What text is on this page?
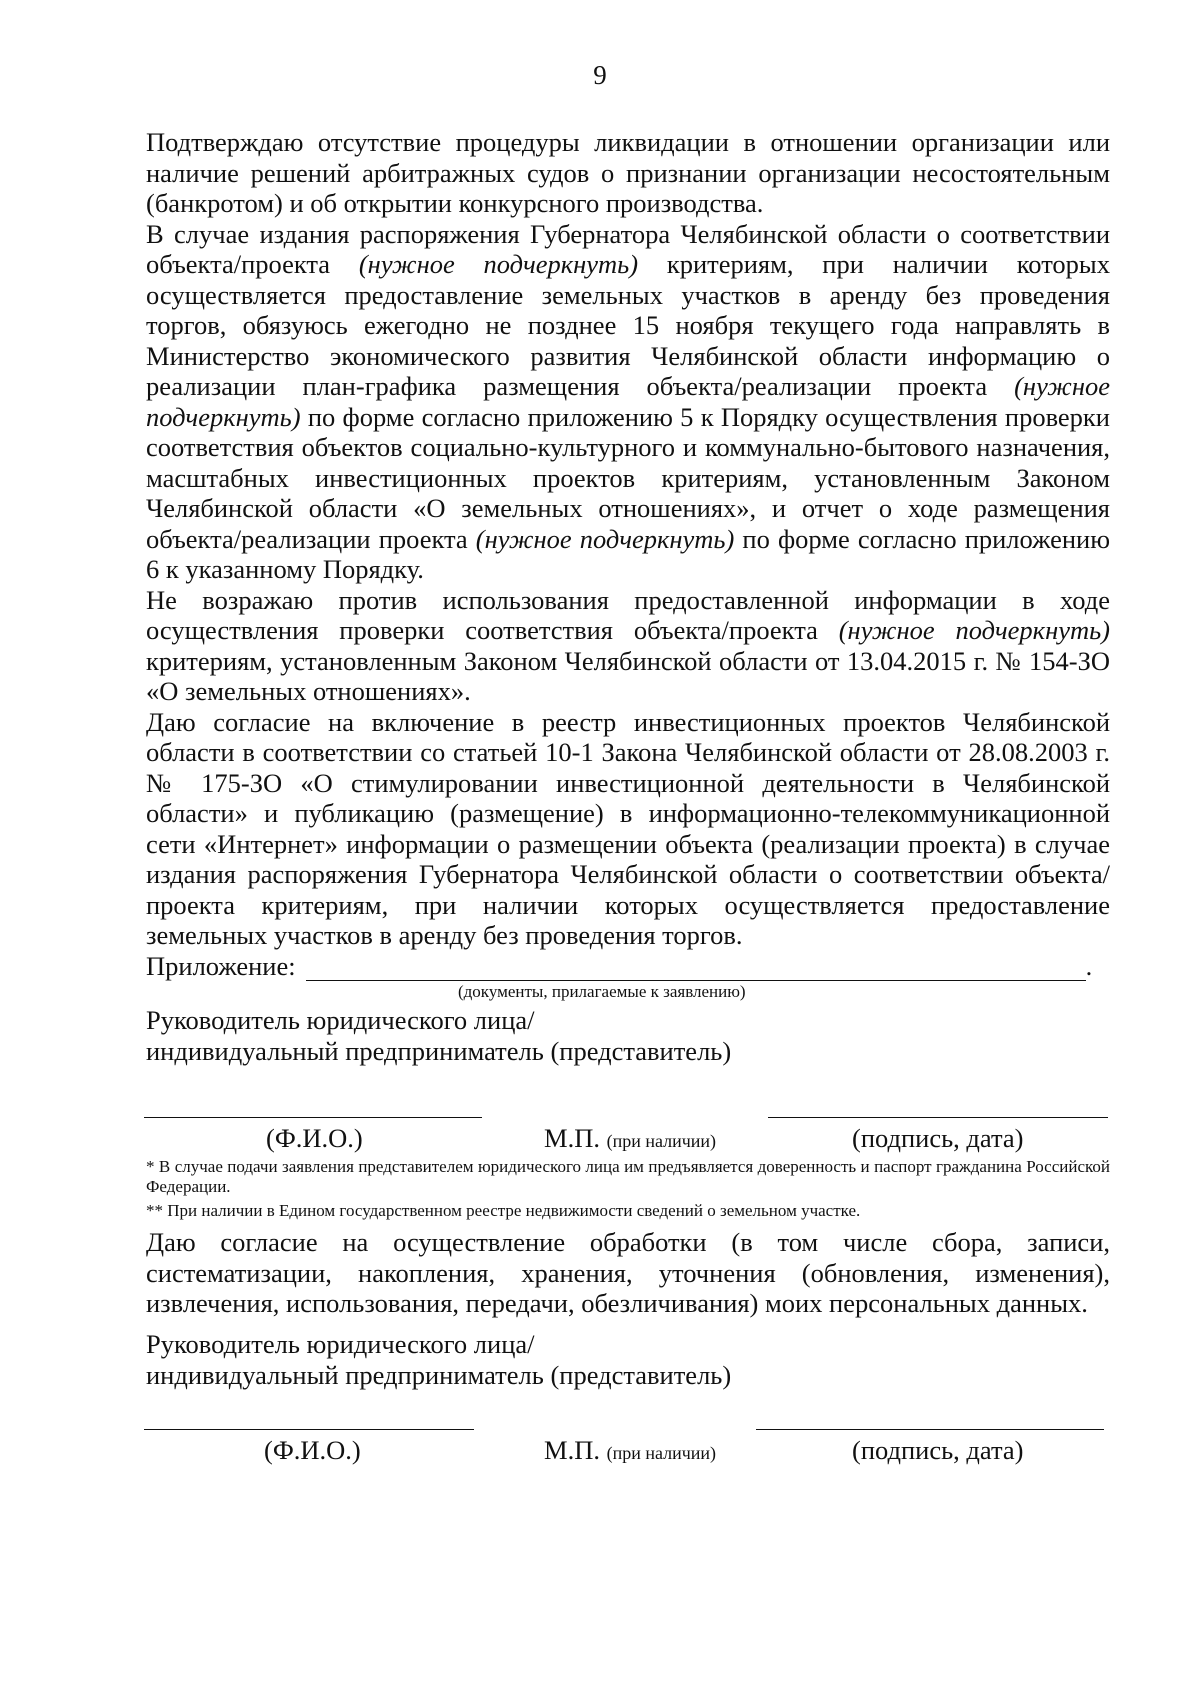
9

Подтверждаю отсутствие процедуры ликвидации в отношении организации или наличие решений арбитражных судов о признании организации несостоятельным (банкротом) и об открытии конкурсного производства.

В случае издания распоряжения Губернатора Челябинской области о соответствии объекта/проекта (нужное подчеркнуть) критериям, при наличии которых осуществляется предоставление земельных участков в аренду без проведения торгов, обязуюсь ежегодно не позднее 15 ноября текущего года направлять в Министерство экономического развития Челябинской области информацию о реализации план-графика размещения объекта/реализации проекта (нужное подчеркнуть) по форме согласно приложению 5 к Порядку осуществления проверки соответствия объектов социально-культурного и коммунально-бытового назначения, масштабных инвестиционных проектов критериям, установленным Законом Челябинской области «О земельных отношениях», и отчет о ходе размещения объекта/реализации проекта (нужное подчеркнуть) по форме согласно приложению 6 к указанному Порядку.

Не возражаю против использования предоставленной информации в ходе осуществления проверки соответствия объекта/проекта (нужное подчеркнуть) критериям, установленным Законом Челябинской области от 13.04.2015 г. № 154-ЗО «О земельных отношениях».

Даю согласие на включение в реестр инвестиционных проектов Челябинской области в соответствии со статьей 10-1 Закона Челябинской области от 28.08.2003 г. № 175-ЗО «О стимулировании инвестиционной деятельности в Челябинской области» и публикацию (размещение) в информационно-телекоммуникационной сети «Интернет» информации о размещении объекта (реализации проекта) в случае издания распоряжения Губернатора Челябинской области о соответствии объекта/проекта критериям, при наличии которых осуществляется предоставление земельных участков в аренду без проведения торгов.

Приложение:	.
(документы, прилагаемые к заявлению)

Руководитель юридического лица/

индивидуальный предприниматель (представитель)

(Ф.И.О.)	М.П. (при наличии)	(подпись, дата)

* В случае подачи заявления представителем юридического лица им предъявляется доверенность и паспорт гражданина Российской Федерации.

** При наличии в Едином государственном реестре недвижимости сведений о земельном участке.

Даю согласие на осуществление обработки (в том числе сбора, записи, систематизации, накопления, хранения, уточнения (обновления, изменения), извлечения, использования, передачи, обезличивания) моих персональных данных.

Руководитель юридического лица/

индивидуальный предприниматель (представитель)

(Ф.И.О.)	М.П. (при наличии)	(подпись, дата)
